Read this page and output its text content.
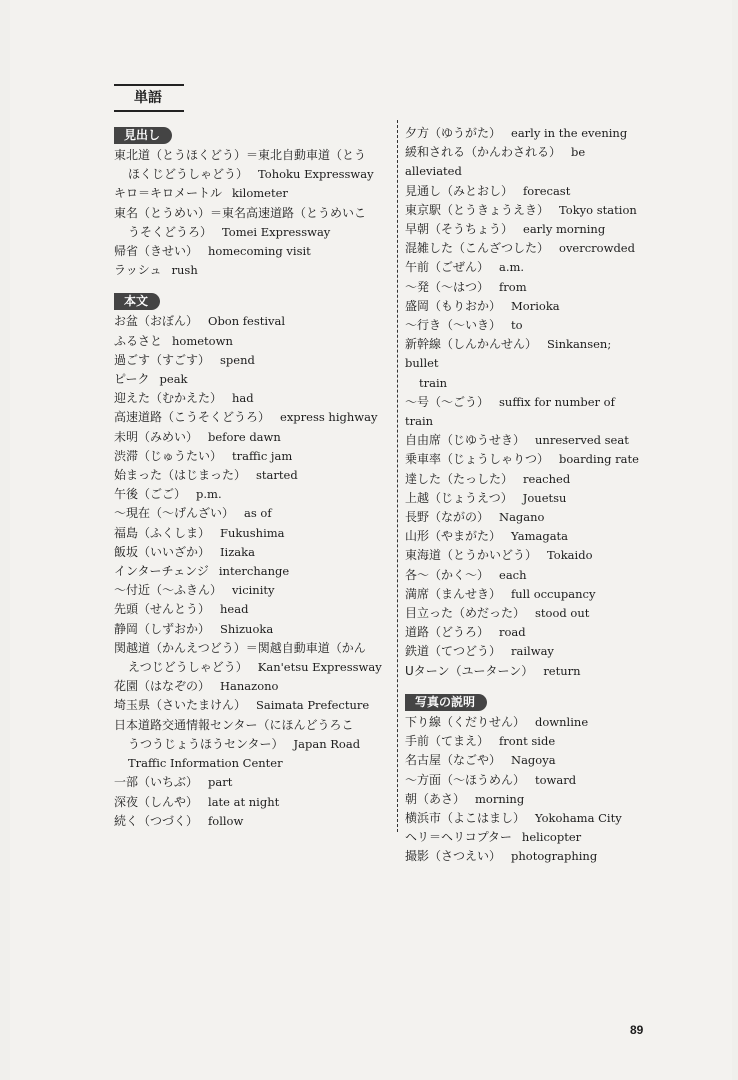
単語
見出し
東北道（とうほくどう）＝東北自動車道（とう
ほくじどうしゃどう） Tohoku Expressway
キロ＝キロメートル kilometer
東名（とうめい）＝東名高速道路（とうめいこ
うそくどうろ） Tomei Expressway
帰省（きせい） homecoming visit
ラッシュ rush
本文
お盆（おぼん） Obon festival
ふるさと hometown
過ごす（すごす） spend
ピーク peak
迎えた（むかえた） had
高速道路（こうそくどうろ） express highway
未明（みめい） before dawn
渋滞（じゅうたい） traffic jam
始まった（はじまった） started
午後（ごご） p.m.
〜現在（〜げんざい） as of
福島（ふくしま） Fukushima
飯坂（いいざか） Iizaka
インターチェンジ interchange
〜付近（〜ふきん） vicinity
先頭（せんとう） head
静岡（しずおか） Shizuoka
関越道（かんえつどう）＝関越自動車道（かん
えつじどうしゃどう） Kan'etsu Expressway
花園（はなぞの） Hanazono
埼玉県（さいたまけん） Saimata Prefecture
日本道路交通情報センター（にほんどうろこ
うつうじょうほうセンター） Japan Road
Traffic Information Center
一部（いちぶ） part
深夜（しんや） late at night
続く（つづく） follow
夕方（ゆうがた） early in the evening
緩和される（かんわされる） be alleviated
見通し（みとおし） forecast
東京駅（とうきょうえき） Tokyo station
早朝（そうちょう） early morning
混雑した（こんざつした） overcrowded
午前（ごぜん） a.m.
〜発（〜はつ） from
盛岡（もりおか） Morioka
〜行き（〜いき） to
新幹線（しんかんせん） Sinkansen; bullet
train
〜号（〜ごう） suffix for number of train
自由席（じゆうせき） unreserved seat
乗車率（じょうしゃりつ） boarding rate
達した（たっした） reached
上越（じょうえつ） Jouetsu
長野（ながの） Nagano
山形（やまがた） Yamagata
東海道（とうかいどう） Tokaido
各〜（かく〜） each
満席（まんせき） full occupancy
目立った（めだった） stood out
道路（どうろ） road
鉄道（てつどう） railway
Uターン（ユーターン） return
写真の説明
下り線（くだりせん） downline
手前（てまえ） front side
名古屋（なごや） Nagoya
〜方面（〜ほうめん） toward
朝（あさ） morning
横浜市（よこはまし） Yokohama City
ヘリ＝ヘリコプター helicopter
撮影（さつえい） photographing
89
